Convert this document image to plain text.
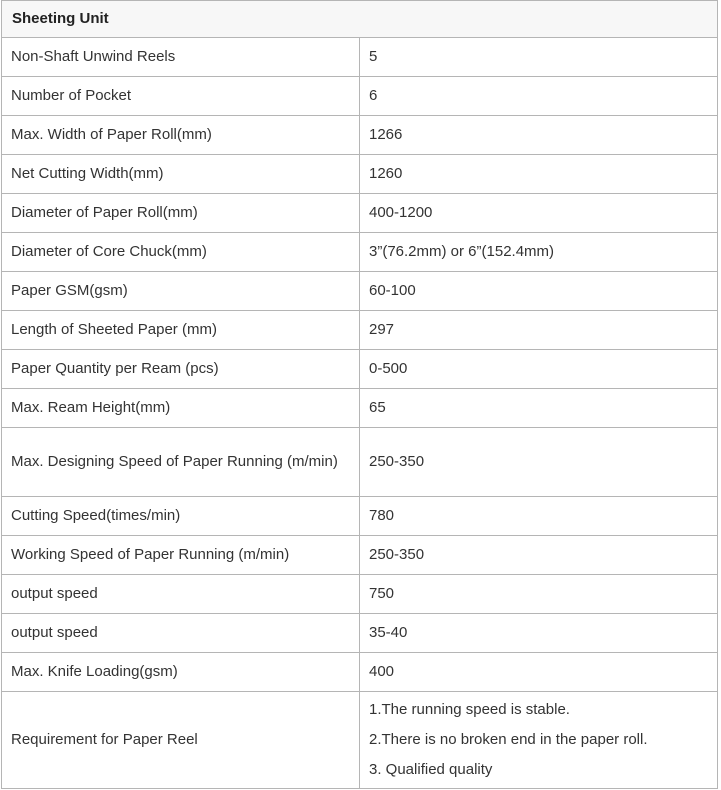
Sheeting Unit	
Non-Shaft Unwind Reels	5
Number of Pocket	6
Max. Width of Paper Roll(mm)	1266
Net Cutting Width(mm)	1260
Diameter of Paper Roll(mm)	400-1200
Diameter of Core Chuck(mm)	3”(76.2mm) or 6”(152.4mm)
Paper GSM(gsm)	60-100
Length of Sheeted Paper (mm)	297
Paper Quantity per Ream (pcs)	0-500
Max. Ream Height(mm)	65
Max. Designing Speed of Paper Running (m/min)	250-350
Cutting Speed(times/min)	780
Working Speed of Paper Running (m/min)	250-350
output speed	750
output speed	35-40
Max. Knife Loading(gsm)	400
Requirement for Paper Reel	1.The running speed is stable.
2.There is no broken end in the paper roll.
3. Qualified quality
